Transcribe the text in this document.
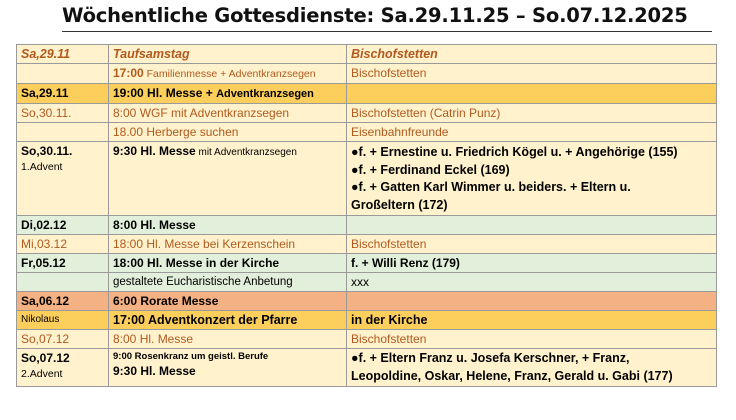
Wöchentliche Gottesdienste: Sa.29.11.25 – So.07.12.2025
Sa,29.11	Taufsamstag	Bischofstetten
	17:00 Familienmesse + Adventkranzsegen	Bischofstetten
Sa,29.11	19:00 Hl. Messe + Adventkranzsegen	
So,30.11.	8:00 WGF mit Adventkranzsegen	Bischofstetten (Catrin Punz)
	18.00 Herberge suchen	Eisenbahnfreunde

So,30.11.
1.Advent	9:30 Hl. Messe mit Adventkranzsegen	●f. + Ernestine u. Friedrich Kögel u. + Angehörige (155)
●f. + Ferdinand Eckel (169)
●f. + Gatten Karl Wimmer u. beiders. + Eltern u.
Großeltern (172)

Di,02.12	8:00 Hl. Messe	
Mi,03.12	18:00 Hl. Messe bei Kerzenschein	Bischofstetten
Fr,05.12	18:00 Hl. Messe in der Kirche	f. + Willi Renz (179)
	gestaltete Eucharistische Anbetung	xxx
Sa,06.12	6:00 Rorate Messe	
Nikolaus	17:00 Adventkonzert der Pfarre	in der Kirche
So,07.12	8:00 Hl. Messe	Bischofstetten

So,07.12
2.Advent	9:00 Rosenkranz um geistl. Berufe
9:30 Hl. Messe	●f. + Eltern Franz u. Josefa Kerschner, + Franz,
Leopoldine, Oskar, Helene, Franz, Gerald u. Gabi (177)
